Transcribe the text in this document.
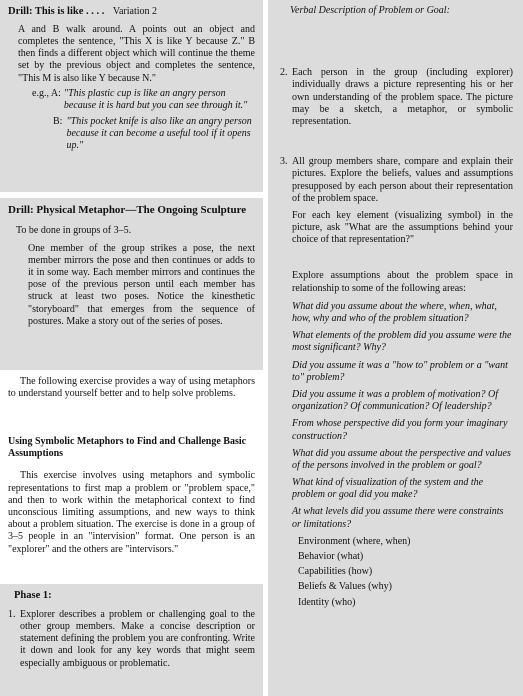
Drill: This is like . . . . Variation 2

A and B walk around. A points out an object and completes the sentence, "This X is like Y because Z." B then finds a different object which will continue the theme set by the previous object and completes the sentence, "This M is also like Y because N."

e.g., A: "This plastic cup is like an angry person because it is hard but you can see through it."
B: "This pocket knife is also like an angry person because it can become a useful tool if it opens up."

Drill: Physical Metaphor—The Ongoing Sculpture

To be done in groups of 3–5.

One member of the group strikes a pose, the next member mirrors the pose and then continues or adds to it in some way. Each member mirrors and continues the pose of the previous person until each member has struck at least two poses. Notice the kinesthetic "storyboard" that emerges from the sequence of postures. Make a story out of the series of poses.

The following exercise provides a way of using metaphors to understand yourself better and to help solve problems.

Using Symbolic Metaphors to Find and Challenge Basic Assumptions

This exercise involves using metaphors and symbolic representations to first map a problem or "problem space," and then to work within the metaphorical context to find unconscious limiting assumptions, and new ways to think about a problem situation. The exercise is done in a group of 3–5 people in an "intervision" format. One person is an "explorer" and the others are "intervisors."

Phase 1:

1. Explorer describes a problem or challenging goal to the other group members. Make a concise description or statement defining the problem you are confronting. Write it down and look for any key words that might seem especially ambiguous or problematic.

Verbal Description of Problem or Goal:

2. Each person in the group (including explorer) individually draws a picture representing his or her own understanding of the problem space. The picture may be a sketch, a metaphor, or symbolic representation.
3. All group members share, compare and explain their pictures. Explore the beliefs, values and assumptions presupposed by each person about their representation of the problem space.

For each key element (visualizing symbol) in the picture, ask "What are the assumptions behind your choice of that representation?"

Explore assumptions about the problem space in relationship to some of the following areas:

What did you assume about the where, when, what, how, why and who of the problem situation?

What elements of the problem did you assume were the most significant? Why?

Did you assume it was a "how to" problem or a "want to" problem?

Did you assume it was a problem of motivation? Of organization? Of communication? Of leadership?

From whose perspective did you form your imaginary construction?

What did you assume about the perspective and values of the persons involved in the problem or goal?

What kind of visualization of the system and the problem or goal did you make?

At what levels did you assume there were constraints or limitations?

Environment (where, when)
Behavior (what)
Capabilities (how)
Beliefs & Values (why)
Identity (who)
